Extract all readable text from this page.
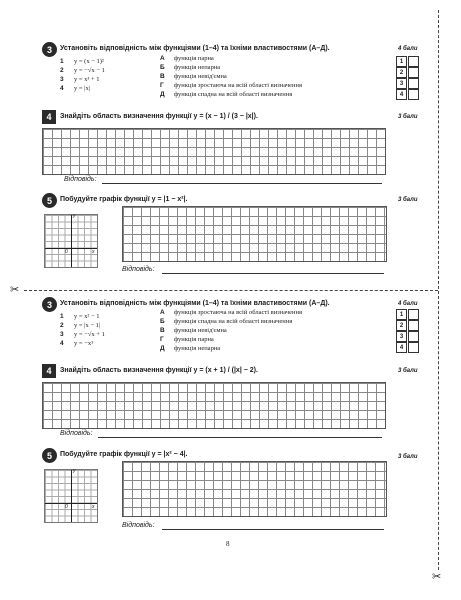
3	Установіть відповідність між функціями (1–4) та їхніми властивостями (А–Д).	4 бали
1 y = (x − 1)²
2 y = −√x − 1
3 y = x³ + 1
4 y = |x|
А функція парна
Б функція непарна
В функція невід'ємна
Г функція зростаюча на всій області визначення
Д функція спадна на всій області визначення
1
2
3
4
4	Знайдіть область визначення функції y = (x − 1) / (3 − |x|).	3 бали
Відповідь:
5	Побудуйте графік функції y = |1 − x²|.	3 бали
y
x
0
Відповідь:
✂
✂
3	Установіть відповідність між функціями (1–4) та їхніми властивостями (А–Д).	4 бали
1 y = x² − 1
2 y = |x − 1|
3 y = −√x + 1
4 y = −x³
А функція зростаюча на всій області визначення
Б функція спадна на всій області визначення
В функція невід'ємна
Г функція парна
Д функція непарна
1
2
3
4
4	Знайдіть область визначення функції y = (x + 1) / (|x| − 2).	3 бали
Відповідь:
5	Побудуйте графік функції y = |x² − 4|.	3 бали
y
x
0
Відповідь:
8
